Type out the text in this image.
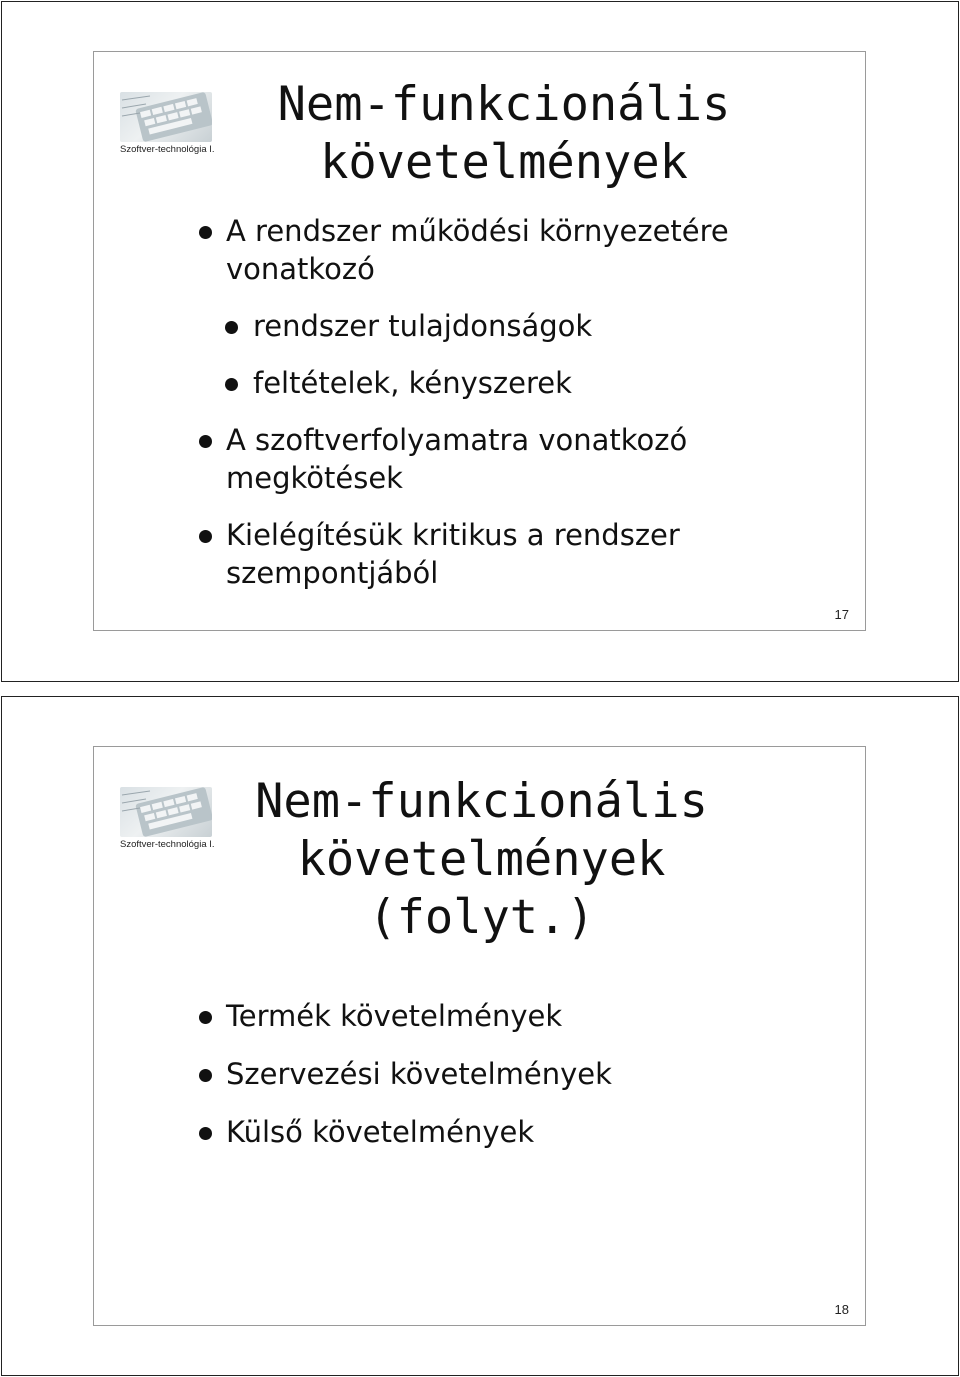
Szoftver-technológia I.
Nem-funkcionális
követelmények
A rendszer működési környezetére
vonatkozó
rendszer tulajdonságok
feltételek, kényszerek
A szoftverfolyamatra vonatkozó
megkötések
Kielégítésük kritikus a rendszer
szempontjából
17
Szoftver-technológia I.
Nem-funkcionális
követelmények (folyt.)
Termék követelmények
Szervezési követelmények
Külső követelmények
18
